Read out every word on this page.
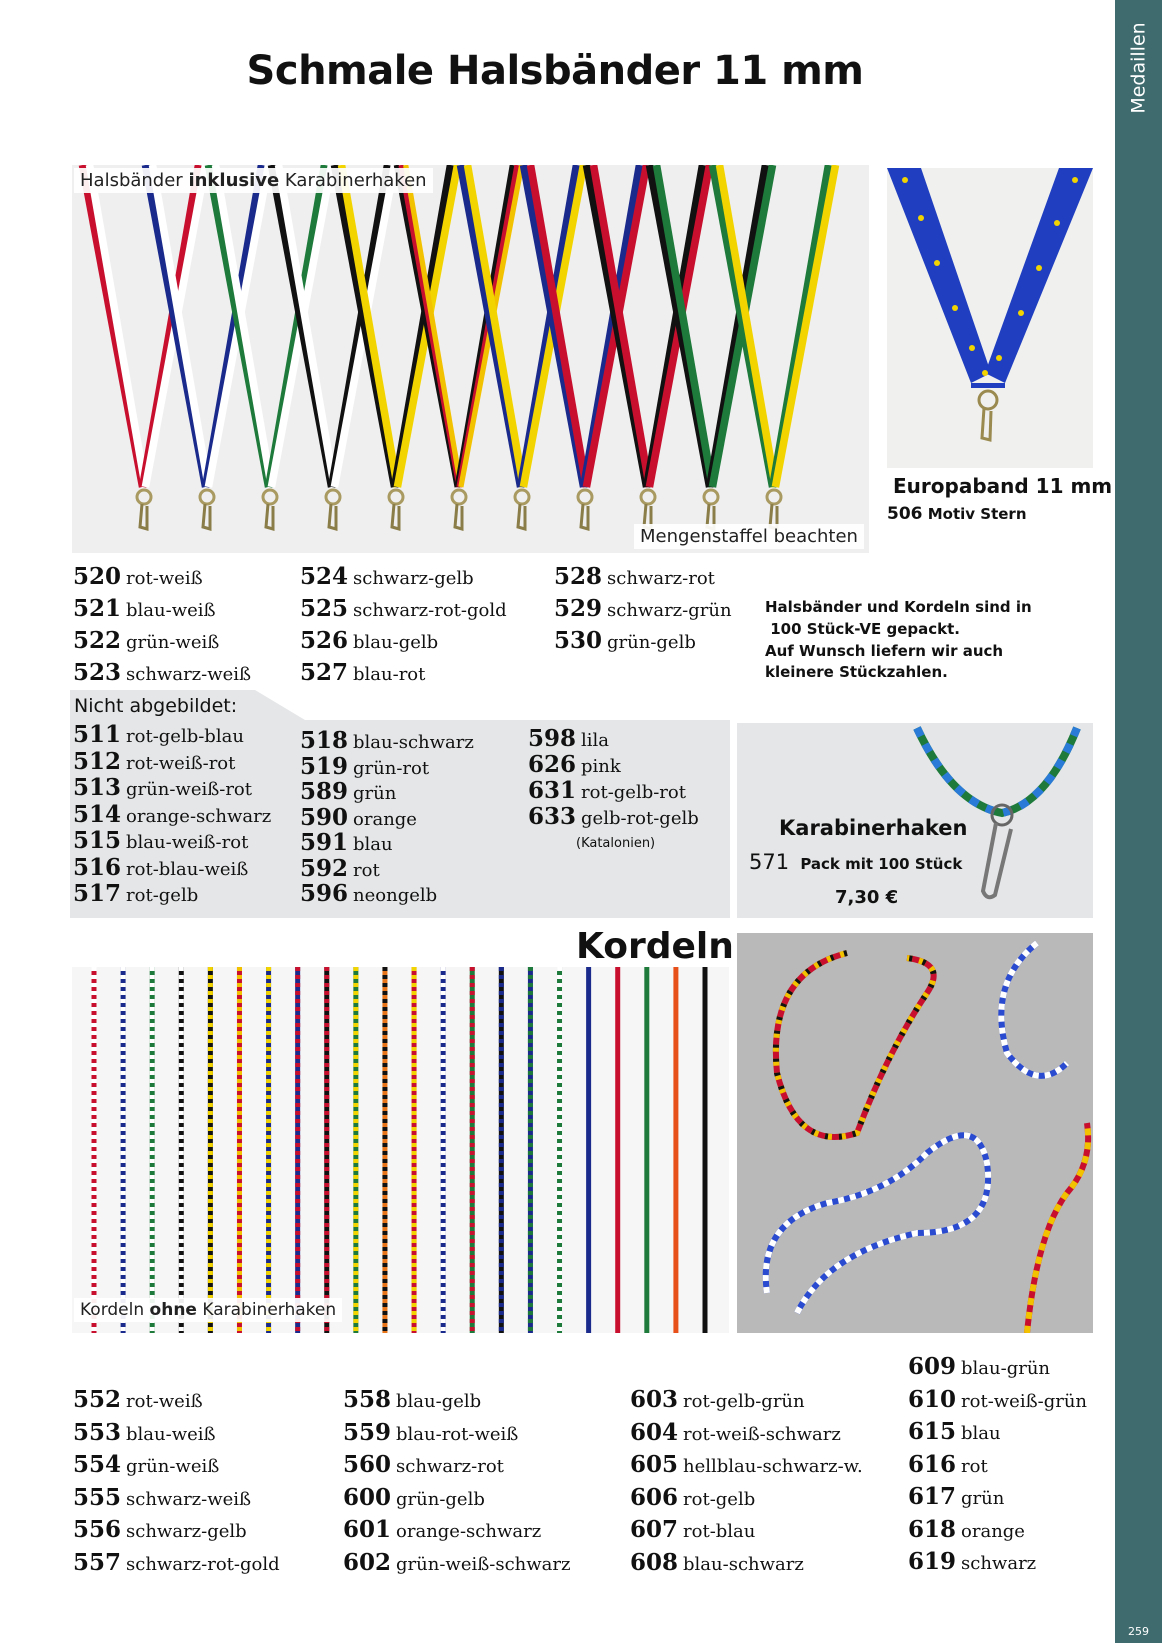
Schmale Halsbänder 11 mm	Medaillen
259
Halsbänder inklusive Karabinerhaken
Mengenstaffel beachten
Europaband 11 mm
506 Motiv Stern
520 rot-weiß
521 blau-weiß
522 grün-weiß
523 schwarz-weiß
524 schwarz-gelb
525 schwarz-rot-gold
526 blau-gelb
527 blau-rot
528 schwarz-rot
529 schwarz-grün
530 grün-gelb
Halsbänder und Kordeln sind in
100 Stück-VE gepackt.
Auf Wunsch liefern wir auch
kleinere Stückzahlen.
Nicht abgebildet:
511 rot-gelb-blau
512 rot-weiß-rot
513 grün-weiß-rot
514 orange-schwarz
515 blau-weiß-rot
516 rot-blau-weiß
517 rot-gelb
518 blau-schwarz
519 grün-rot
589 grün
590 orange
591 blau
592 rot
596 neongelb
598 lila
626 pink
631 rot-gelb-rot
633 gelb-rot-gelb
(Katalonien)
Karabinerhaken
571 Pack mit 100 Stück
7,30 €
Kordeln
Kordeln ohne Karabinerhaken
552 rot-weiß
553 blau-weiß
554 grün-weiß
555 schwarz-weiß
556 schwarz-gelb
557 schwarz-rot-gold
558 blau-gelb
559 blau-rot-weiß
560 schwarz-rot
600 grün-gelb
601 orange-schwarz
602 grün-weiß-schwarz
603 rot-gelb-grün
604 rot-weiß-schwarz
605 hellblau-schwarz-w.
606 rot-gelb
607 rot-blau
608 blau-schwarz
609 blau-grün
610 rot-weiß-grün
615 blau
616 rot
617 grün
618 orange
619 schwarz
